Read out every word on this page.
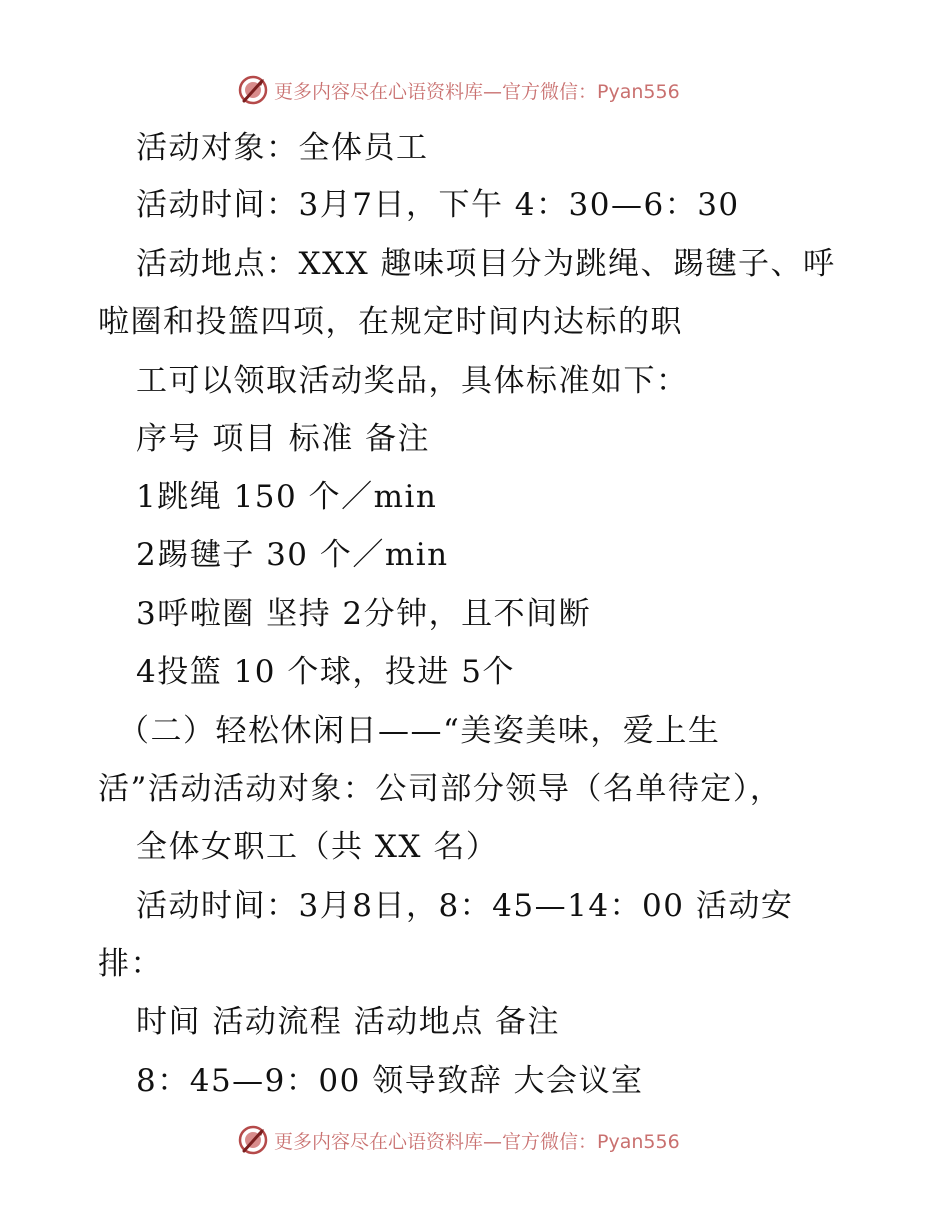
更多内容尽在心语资料库—官方微信：Pyan556
活动对象：全体员工
活动时间：3月7日，下午 4：30—6：30
活动地点：XXX 趣味项目分为跳绳、踢毽子、呼
啦圈和投篮四项，在规定时间内达标的职
工可以领取活动奖品，具体标准如下：
序号 项目 标准 备注
1跳绳 150 个／min
2踢毽子 30 个／min
3呼啦圈 坚持 2分钟，且不间断
4投篮 10 个球，投进 5个
（二）轻松休闲日——“美姿美味，爱上生
活”活动活动对象：公司部分领导（名单待定），
全体女职工（共 XX 名）
活动时间：3月8日，8：45—14：00 活动安
排：
时间 活动流程 活动地点 备注
8：45—9：00 领导致辞 大会议室
更多内容尽在心语资料库—官方微信：Pyan556
